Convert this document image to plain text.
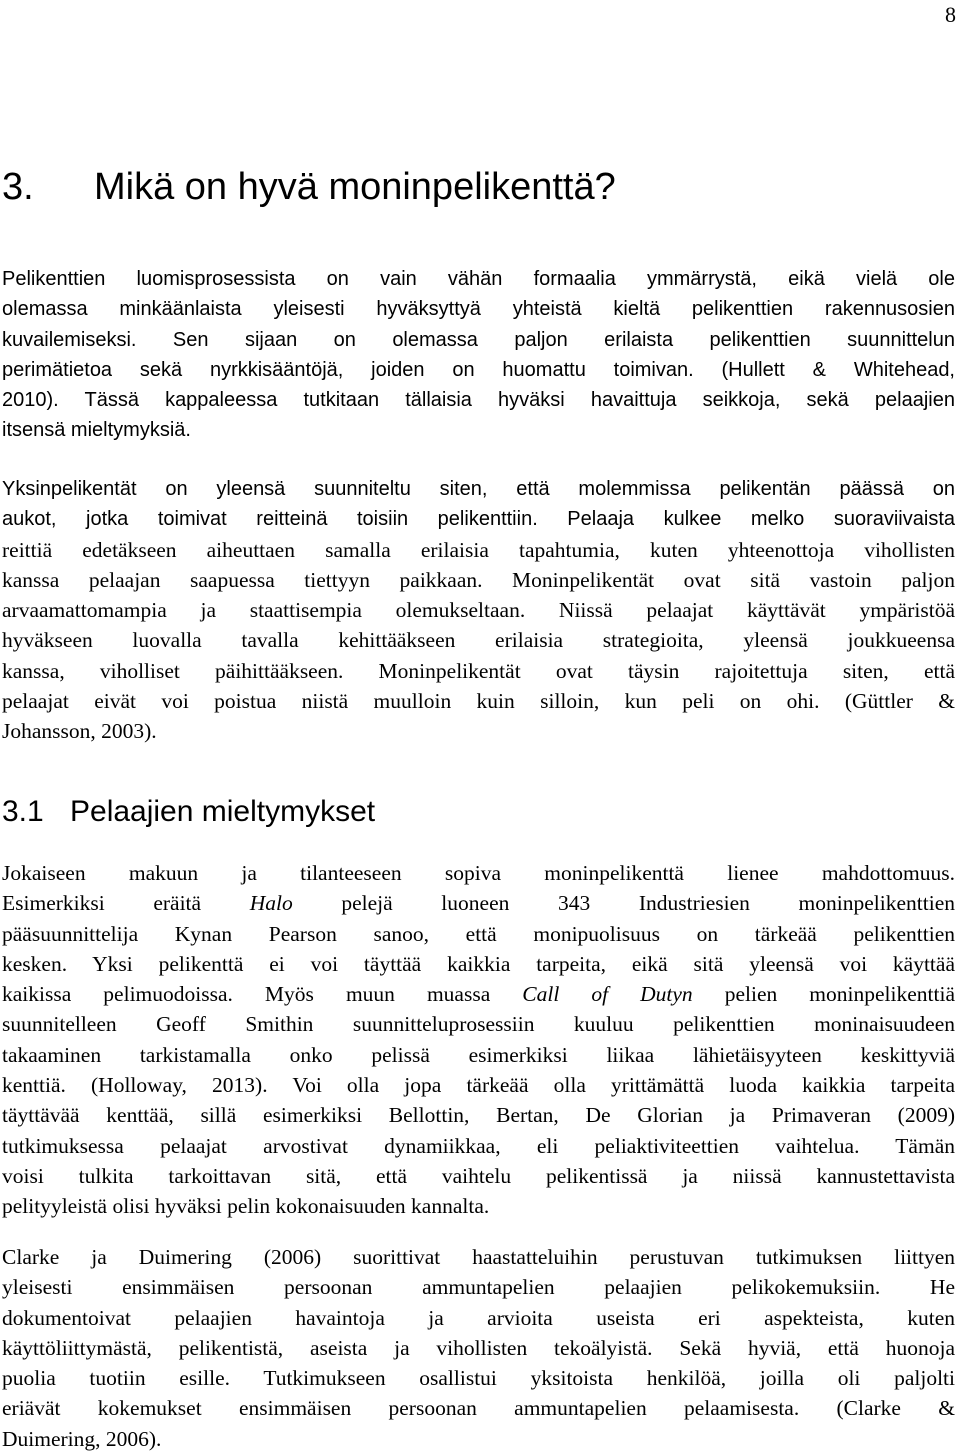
8
3. Mikä on hyvä moninpelikenttä?

Pelikenttien luomisprosessista on vain vähän formaalia ymmärrystä, eikä vielä ole
olemassa minkäänlaista yleisesti hyväksyttyä yhteistä kieltä pelikenttien rakennusosien
kuvailemiseksi. Sen sijaan on olemassa paljon erilaista pelikenttien suunnittelun
perimätietoa sekä nyrkkisääntöjä, joiden on huomattu toimivan. (Hullett & Whitehead,
2010). Tässä kappaleessa tutkitaan tällaisia hyväksi havaittuja seikkoja, sekä pelaajien
itsensä mieltymyksiä.

Yksinpelikentät on yleensä suunniteltu siten, että molemmissa pelikentän päässä on
aukot, jotka toimivat reitteinä toisiin pelikenttiin. Pelaaja kulkee melko suoraviivaista
reittiä edetäkseen aiheuttaen samalla erilaisia tapahtumia, kuten yhteenottoja vihollisten
kanssa pelaajan saapuessa tiettyyn paikkaan. Moninpelikentät ovat sitä vastoin paljon
arvaamattomampia ja staattisempia olemukseltaan. Niissä pelaajat käyttävät ympäristöä
hyväkseen luovalla tavalla kehittääkseen erilaisia strategioita, yleensä joukkueensa
kanssa, viholliset päihittääkseen. Moninpelikentät ovat täysin rajoitettuja siten, että
pelaajat eivät voi poistua niistä muulloin kuin silloin, kun peli on ohi. (Güttler &
Johansson, 2003).

3.1 Pelaajien mieltymykset

Jokaiseen makuun ja tilanteeseen sopiva moninpelikenttä lienee mahdottomuus.
Esimerkiksi eräitä Halo pelejä luoneen 343 Industriesien moninpelikenttien
pääsuunnittelija Kynan Pearson sanoo, että monipuolisuus on tärkeää pelikenttien
kesken. Yksi pelikenttä ei voi täyttää kaikkia tarpeita, eikä sitä yleensä voi käyttää
kaikissa pelimuodoissa. Myös muun muassa Call of Dutyn pelien moninpelikenttiä
suunnitelleen Geoff Smithin suunnitteluprosessiin kuuluu pelikenttien moninaisuudeen
takaaminen tarkistamalla onko pelissä esimerkiksi liikaa lähietäisyyteen keskittyviä
kenttiä. (Holloway, 2013). Voi olla jopa tärkeää olla yrittämättä luoda kaikkia tarpeita
täyttävää kenttää, sillä esimerkiksi Bellottin, Bertan, De Glorian ja Primaveran (2009)
tutkimuksessa pelaajat arvostivat dynamiikkaa, eli peliaktiviteettien vaihtelua. Tämän
voisi tulkita tarkoittavan sitä, että vaihtelu pelikentissä ja niissä kannustettavista
pelityyleistä olisi hyväksi pelin kokonaisuuden kannalta.

Clarke ja Duimering (2006) suorittivat haastatteluihin perustuvan tutkimuksen liittyen
yleisesti ensimmäisen persoonan ammuntapelien pelaajien pelikokemuksiin. He
dokumentoivat pelaajien havaintoja ja arvioita useista eri aspekteista, kuten
käyttöliittymästä, pelikentistä, aseista ja vihollisten tekoälyistä. Sekä hyviä, että huonoja
puolia tuotiin esille. Tutkimukseen osallistui yksitoista henkilöä, joilla oli paljolti
eriävät kokemukset ensimmäisen persoonan ammuntapelien pelaamisesta. (Clarke &
Duimering, 2006).
